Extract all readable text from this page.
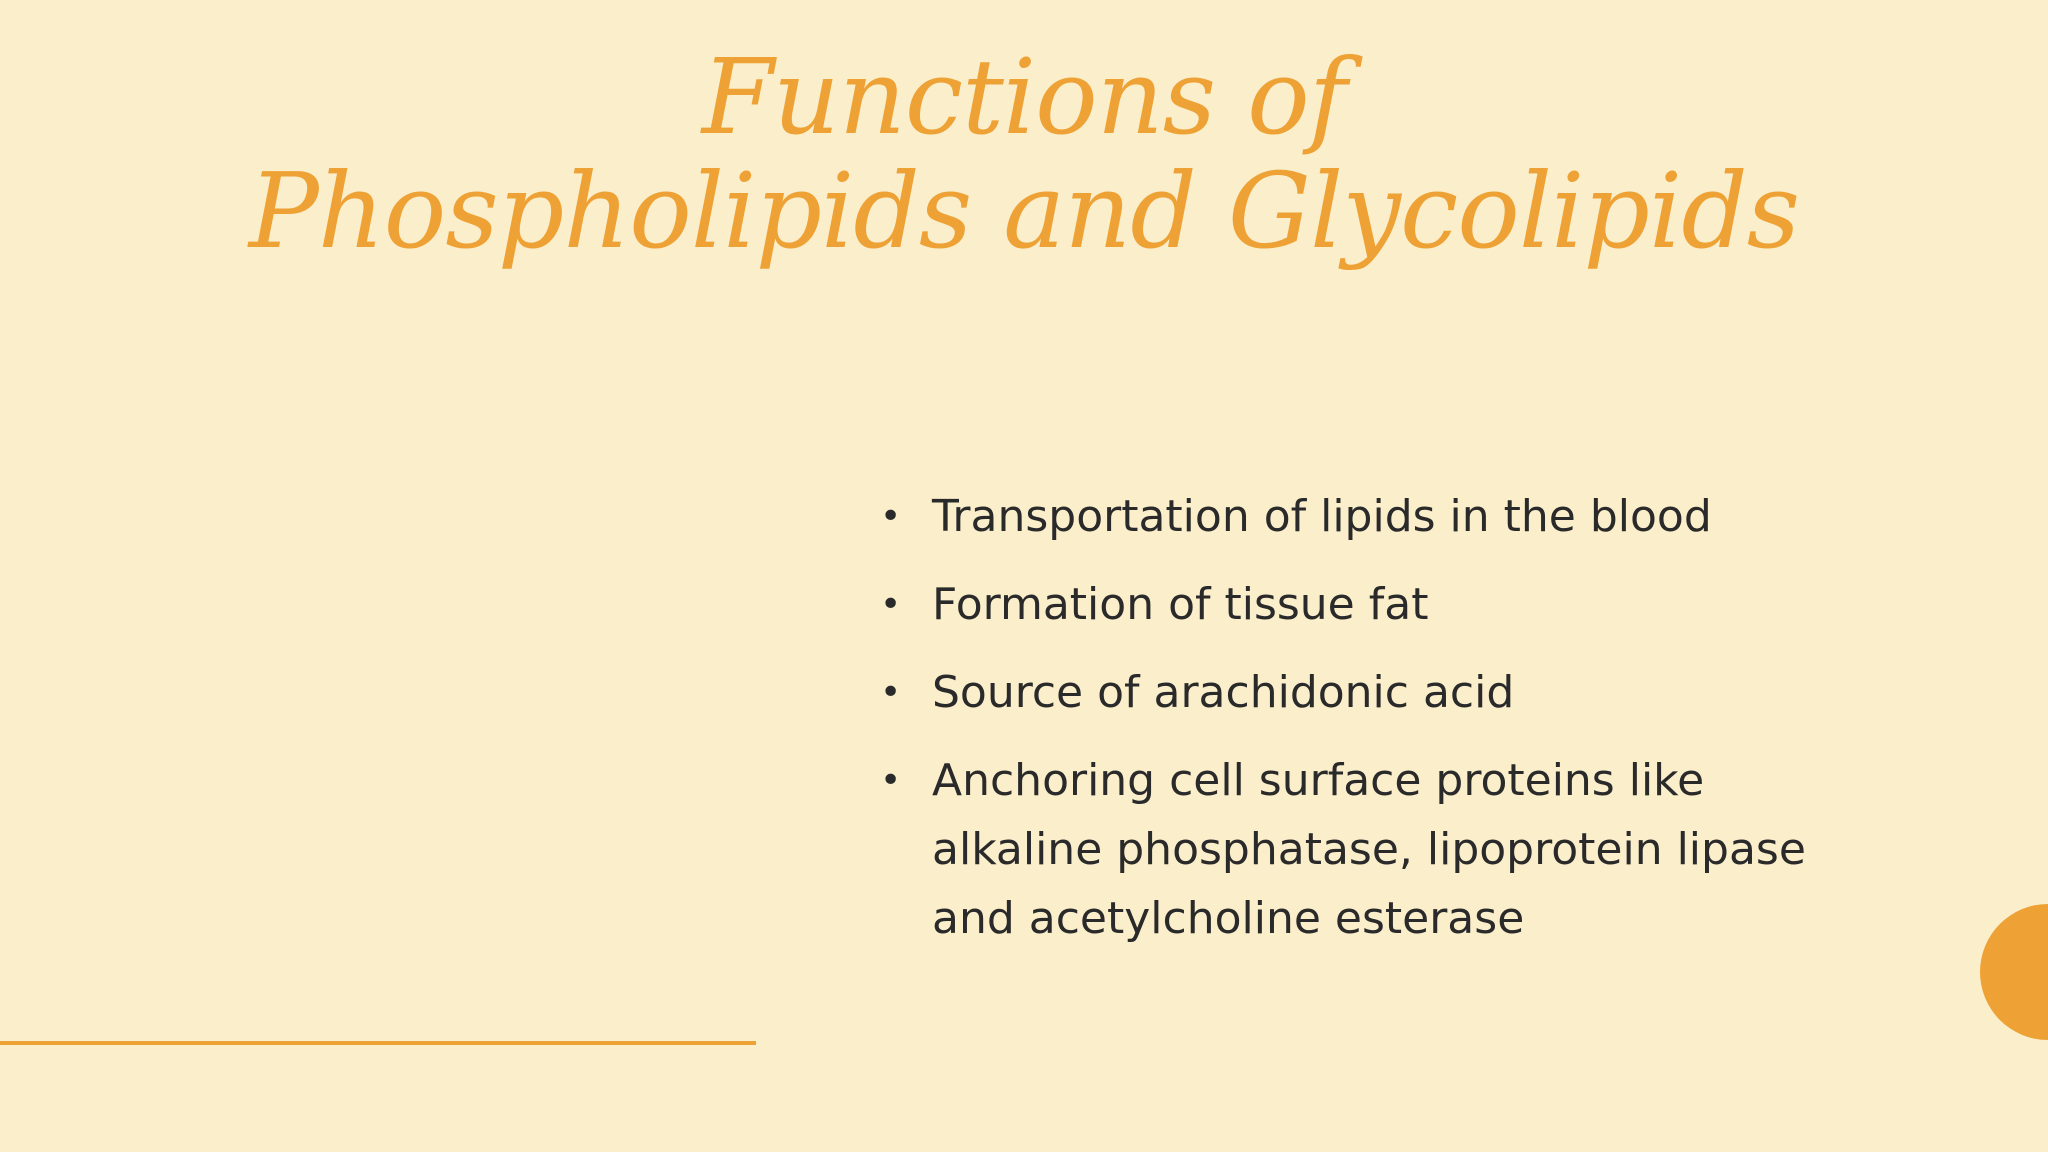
Functions of
Phospholipids and Glycolipids
• Transportation of lipids in the blood
• Formation of tissue fat
• Source of arachidonic acid
• Anchoring cell surface proteins like alkaline phosphatase, lipoprotein lipase and acetylcholine esterase
